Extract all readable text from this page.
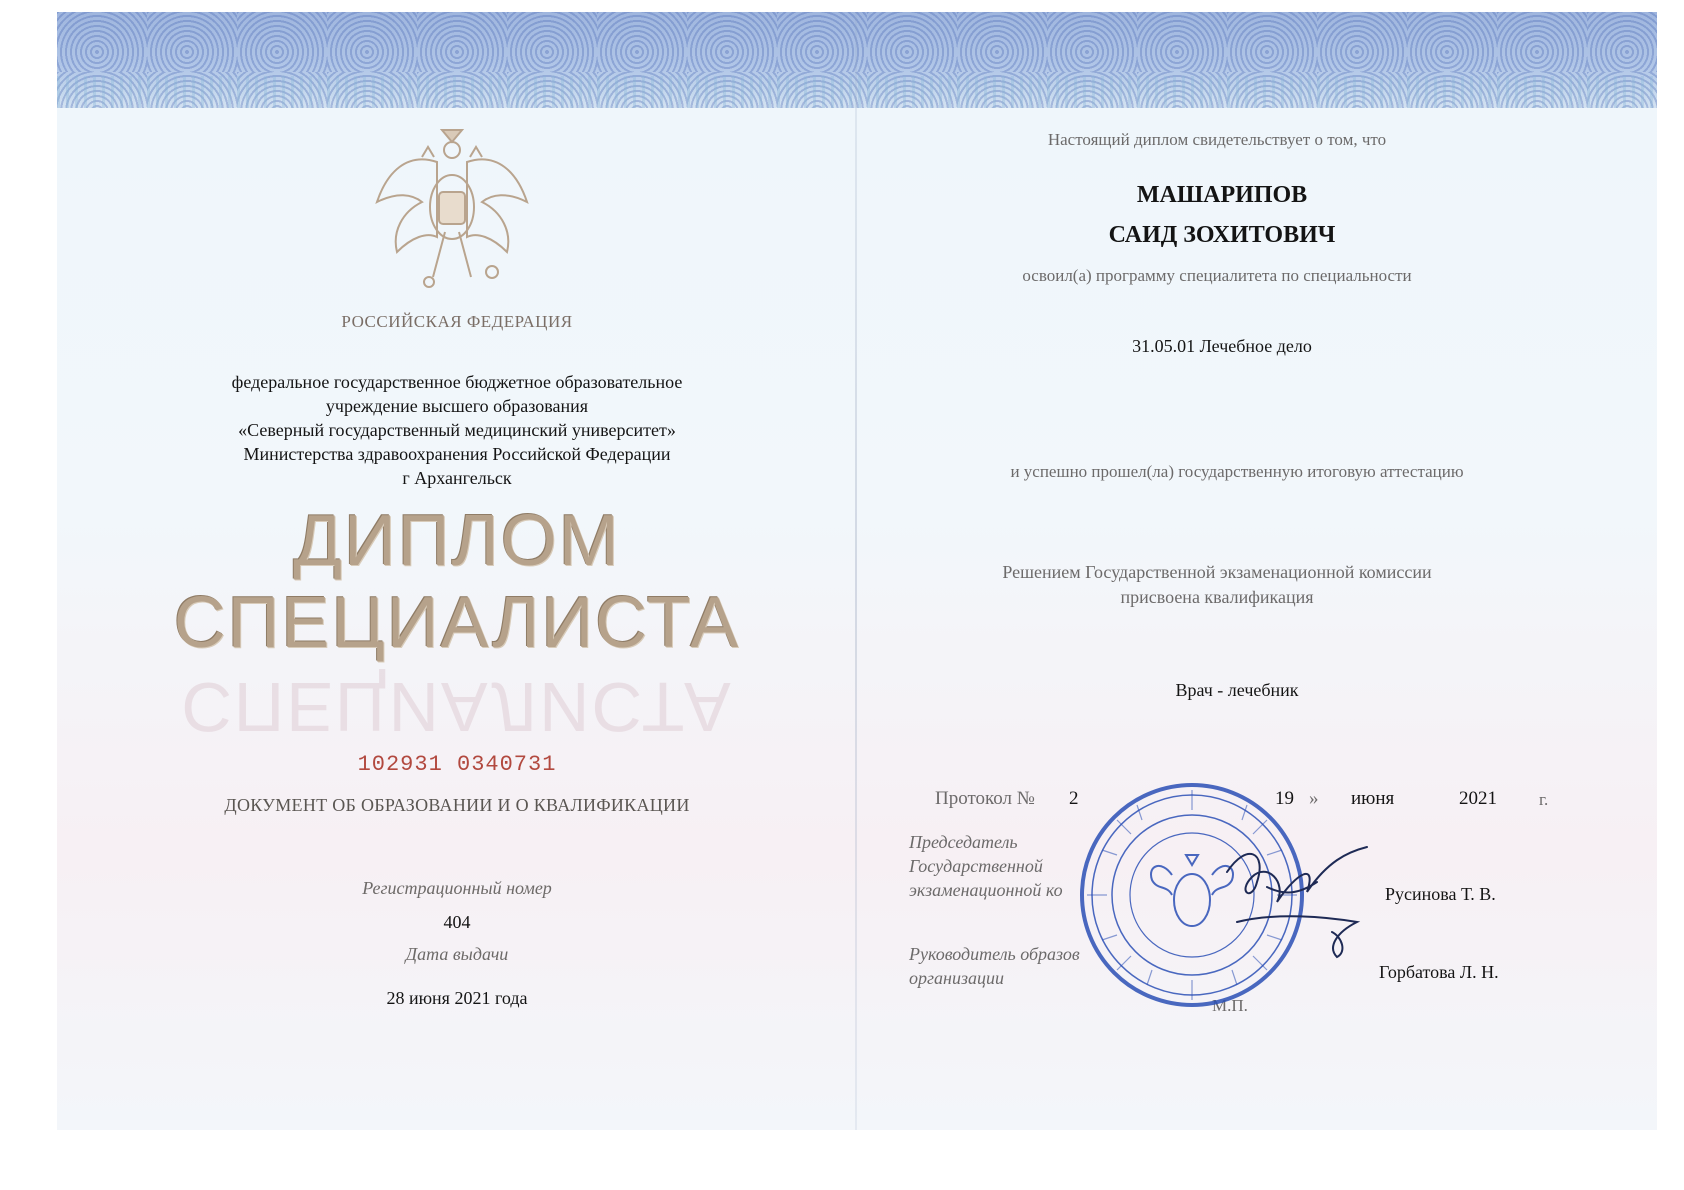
РОССИЙСКАЯ ФЕДЕРАЦИЯ
федеральное государственное бюджетное образовательное
учреждение высшего образования
«Северный государственный медицинский университет»
Министерства здравоохранения Российской Федерации
г Архангельск
ДИПЛОМ
СПЕЦИАЛИСТА
СПЕЦИАЛИСТА
102931 0340731
ДОКУМЕНТ ОБ ОБРАЗОВАНИИ И О КВАЛИФИКАЦИИ
Регистрационный номер
404
Дата выдачи
28 июня 2021 года
Настоящий диплом свидетельствует о том, что
МАШАРИПОВ
САИД ЗОХИТОВИЧ
освоил(а) программу специалитета по специальности
31.05.01 Лечебное дело
и успешно прошел(ла) государственную итоговую аттестацию
Решением Государственной экзаменационной комиссии
присвоена квалификация
Врач - лечебник
Протокол № 2	19 » июня	2021 г.
Председатель
Государственной
экзаменационной ко	Русинова Т. В.
Руководитель образов
организации	Горбатова Л. Н.
М.П.
